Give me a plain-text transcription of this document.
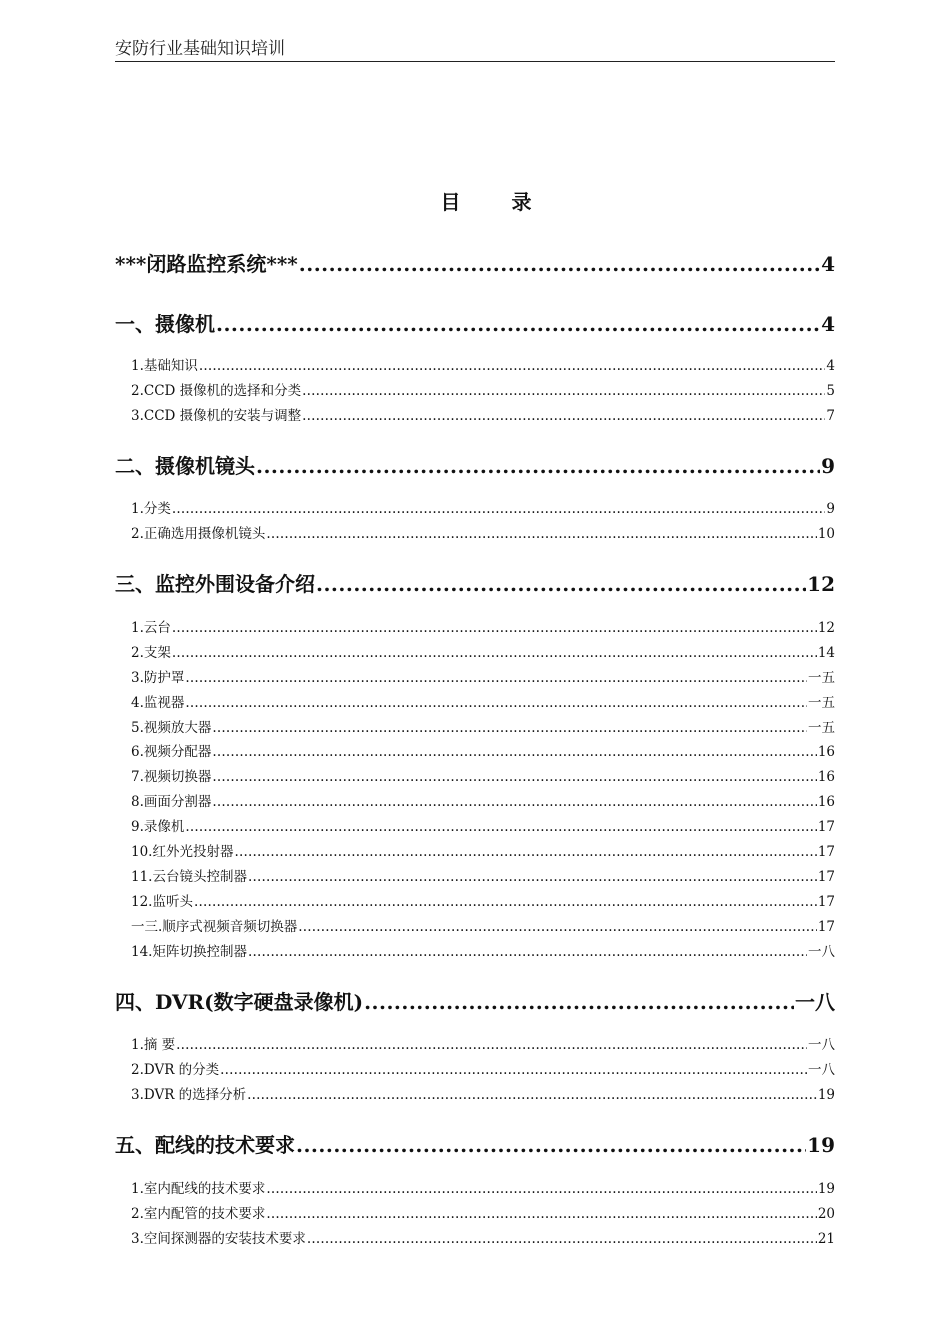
安防行业基础知识培训
目 录
***闭路监控系统*** .....	4
一、摄像机 .....	4
1.基础知识 .....	4
2.CCD 摄像机的选择和分类 .....	5
3.CCD 摄像机的安装与调整 .....	7
二、摄像机镜头 .....	9
1.分类 .....	9
2.正确选用摄像机镜头 .....	10
三、监控外围设备介绍 .....	12
1.云台 .....	12
2.支架 .....	14
3.防护罩 .....	一五
4.监视器 .....	一五
5.视频放大器 .....	一五
6.视频分配器 .....	16
7.视频切换器 .....	16
8.画面分割器 .....	16
9.录像机 .....	17
10.红外光投射器 .....	17
11.云台镜头控制器 .....	17
12.监听头 .....	17
一三.顺序式视频音频切换器 .....	17
14.矩阵切换控制器 .....	一八
四、DVR(数字硬盘录像机) .....	一八
1.摘 要 .....	一八
2.DVR 的分类 .....	一八
3.DVR 的选择分析 .....	19
五、配线的技术要求 .....	19
1.室内配线的技术要求 .....	19
2.室内配管的技术要求 .....	20
3.空间探测器的安装技术要求 .....	21
